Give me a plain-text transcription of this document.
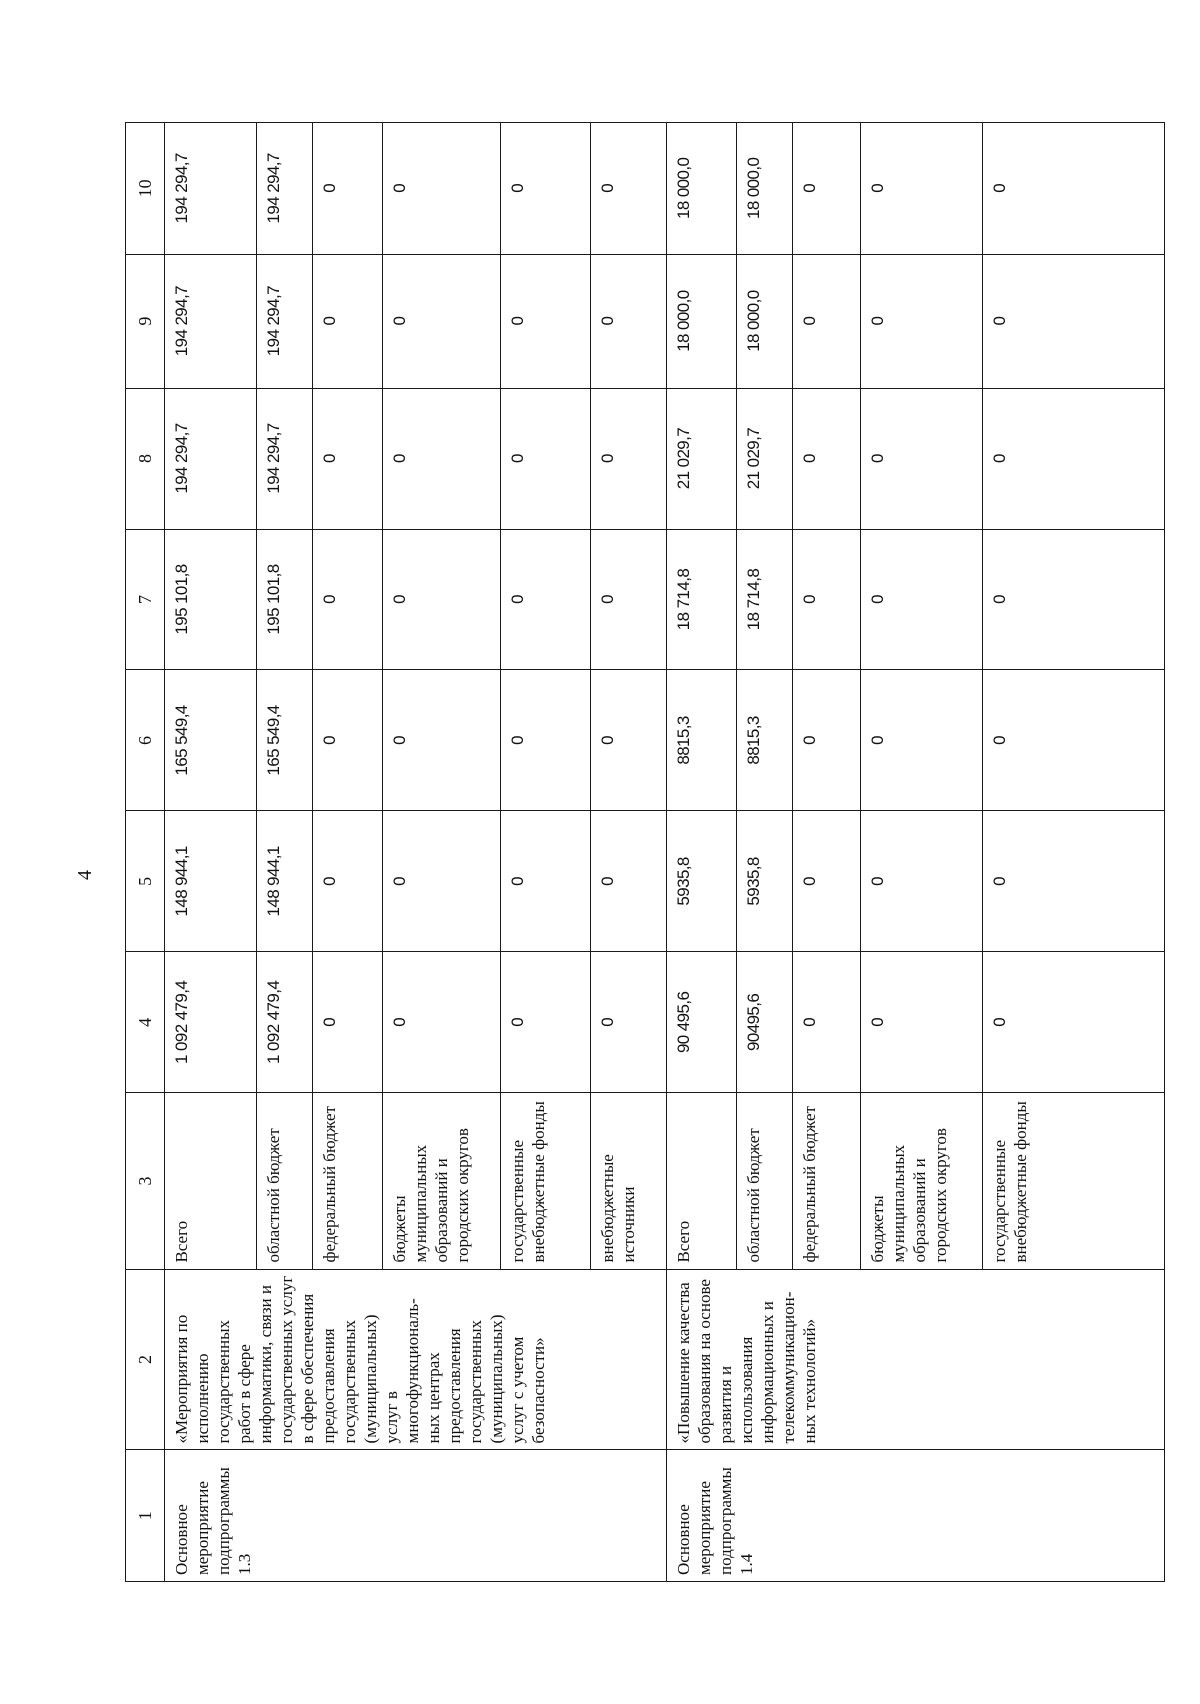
4
1	2	3	4	5	6	7	8	9	10
Основное мероприятие подпрограммы 1.3	«Мероприятия по исполнению государственных работ в сфере информатики, связи и государственных услуг в сфере обеспечения предоставления государственных (муниципальных) услуг в многофункциональ-ных центрах предоставления государственных (муниципальных) услуг с учетом безопасности»	Всего	1 092 479,4	148 944,1	165 549,4	195 101,8	194 294,7	194 294,7	194 294,7
		областной бюджет	1 092 479,4	148 944,1	165 549,4	195 101,8	194 294,7	194 294,7	194 294,7
		федеральный бюджет	0	0	0	0	0	0	0
		бюджеты муниципальных образований и городских округов	0	0	0	0	0	0	0
		государственные внебюджетные фонды	0	0	0	0	0	0	0
		внебюджетные источники	0	0	0	0	0	0	0
Основное мероприятие подпрограммы 1.4	«Повышение качества образования на основе развития и использования информационных и телекоммуникацион-ных технологий»	Всего	90 495,6	5935,8	8815,3	18 714,8	21 029,7	18 000,0	18 000,0
		областной бюджет	90495,6	5935,8	8815,3	18 714,8	21 029,7	18 000,0	18 000,0
		федеральный бюджет	0	0	0	0	0	0	0
		бюджеты муниципальных образований и городских округов	0	0	0	0	0	0	0
		государственные внебюджетные фонды	0	0	0	0	0	0	0
